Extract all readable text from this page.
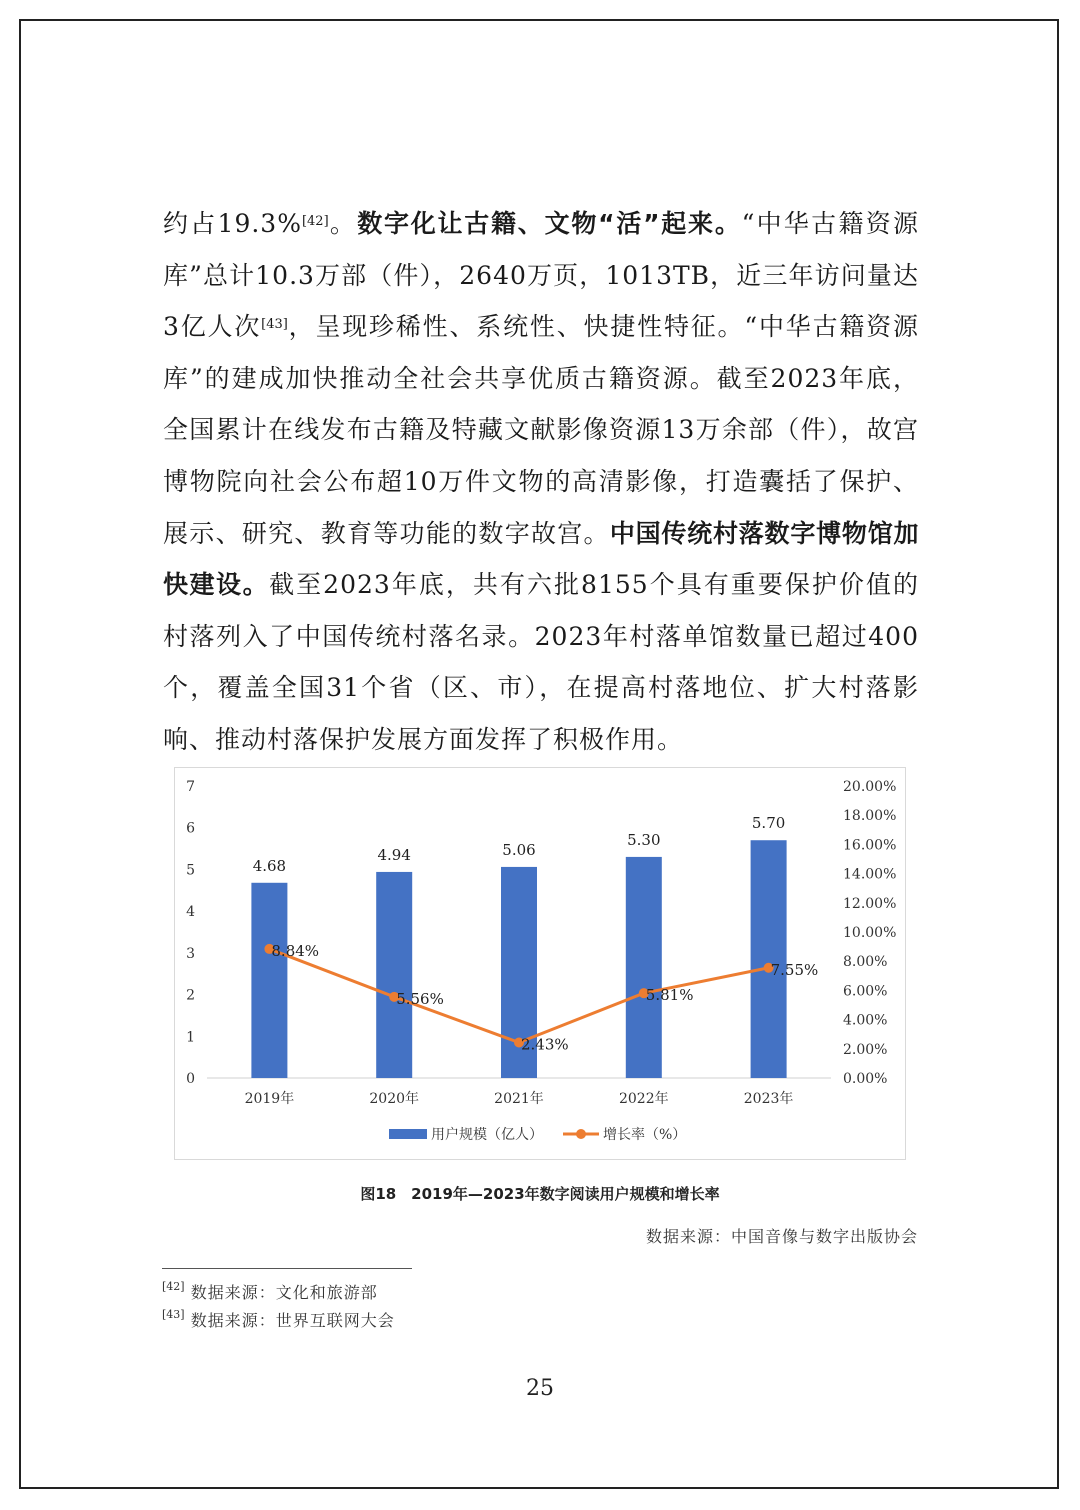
约占19.3%[42]。数字化让古籍、文物“活”起来。“中华古籍资源库”总计10.3万部（件），2640万页，1013TB，近三年访问量达3亿人次[43]，呈现珍稀性、系统性、快捷性特征。“中华古籍资源库”的建成加快推动全社会共享优质古籍资源。截至2023年底，全国累计在线发布古籍及特藏文献影像资源13万余部（件），故宫博物院向社会公布超10万件文物的高清影像，打造囊括了保护、展示、研究、教育等功能的数字故宫。中国传统村落数字博物馆加快建设。截至2023年底，共有六批8155个具有重要保护价值的村落列入了中国传统村落名录。2023年村落单馆数量已超过400个，覆盖全国31个省（区、市），在提高村落地位、扩大村落影响、推动村落保护发展方面发挥了积极作用。

0
1
2
3
4
5
6
7
0.00%
2.00%
4.00%
6.00%
8.00%
10.00%
12.00%
14.00%
16.00%
18.00%
20.00%
4.68
2019年
4.94
2020年
5.06
2021年
5.30
2022年
5.70
2023年
8.84%
5.56%
2.43%
5.81%
7.55%
用户规模（亿人）	增长率（%）
图18　2019年—2023年数字阅读用户规模和增长率
数据来源：中国音像与数字出版协会
[42] 数据来源：文化和旅游部
[43] 数据来源：世界互联网大会
25
